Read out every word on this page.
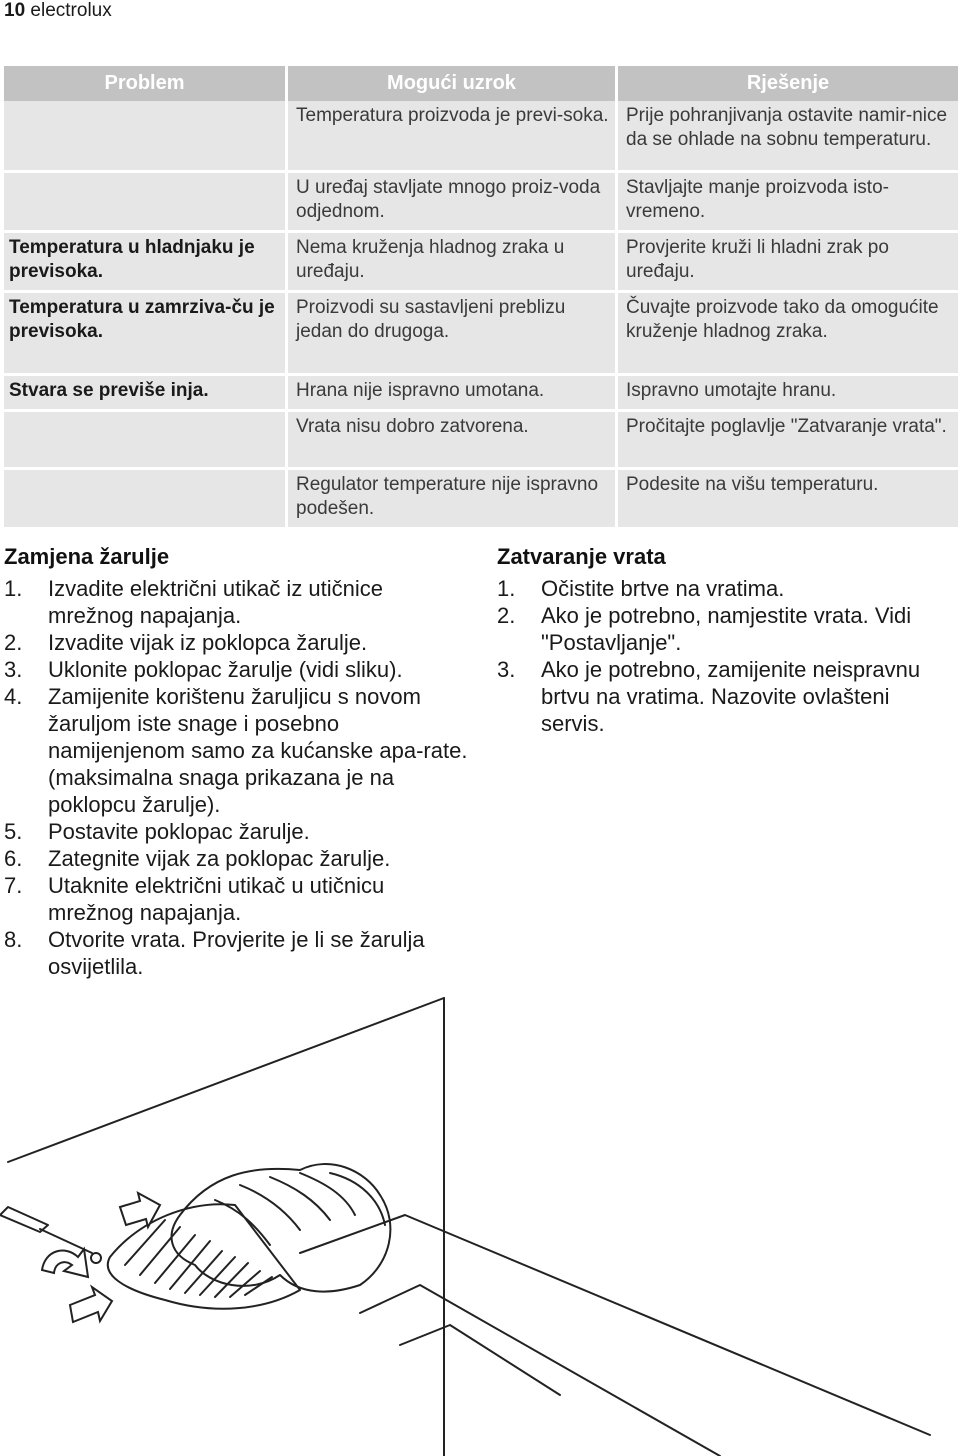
10 electrolux
Problem	Mogući uzrok	Rješenje
	Temperatura proizvoda je previ-soka.	Prije pohranjivanja ostavite namir-nice da se ohlade na sobnu temperaturu.
	U uređaj stavljate mnogo proiz-voda odjednom.	Stavljajte manje proizvoda isto-vremeno.
Temperatura u hladnjaku je previsoka.	Nema kruženja hladnog zraka u uređaju.	Provjerite kruži li hladni zrak po uređaju.
Temperatura u zamrziva-ču je previsoka.	Proizvodi su sastavljeni preblizu jedan do drugoga.	Čuvajte proizvode tako da omogućite kruženje hladnog zraka.
Stvara se previše inja.	Hrana nije ispravno umotana.	Ispravno umotajte hranu.
	Vrata nisu dobro zatvorena.	Pročitajte poglavlje "Zatvaranje vrata".
	Regulator temperature nije ispravno podešen.	Podesite na višu temperaturu.
Zamjena žarulje
1. Izvadite električni utikač iz utičnice mrežnog napajanja.
2. Izvadite vijak iz poklopca žarulje.
3. Uklonite poklopac žarulje (vidi sliku).
4. Zamijenite korištenu žaruljicu s novom žaruljom iste snage i posebno namijenjenom samo za kućanske apa-rate. (maksimalna snaga prikazana je na poklopcu žarulje).
5. Postavite poklopac žarulje.
6. Zategnite vijak za poklopac žarulje.
7. Utaknite električni utikač u utičnicu mrežnog napajanja.
8. Otvorite vrata. Provjerite je li se žarulja osvijetlila.
Zatvaranje vrata
1. Očistite brtve na vratima.
2. Ako je potrebno, namjestite vrata. Vidi "Postavljanje".
3. Ako je potrebno, zamijenite neispravnu brtvu na vratima. Nazovite ovlašteni servis.
